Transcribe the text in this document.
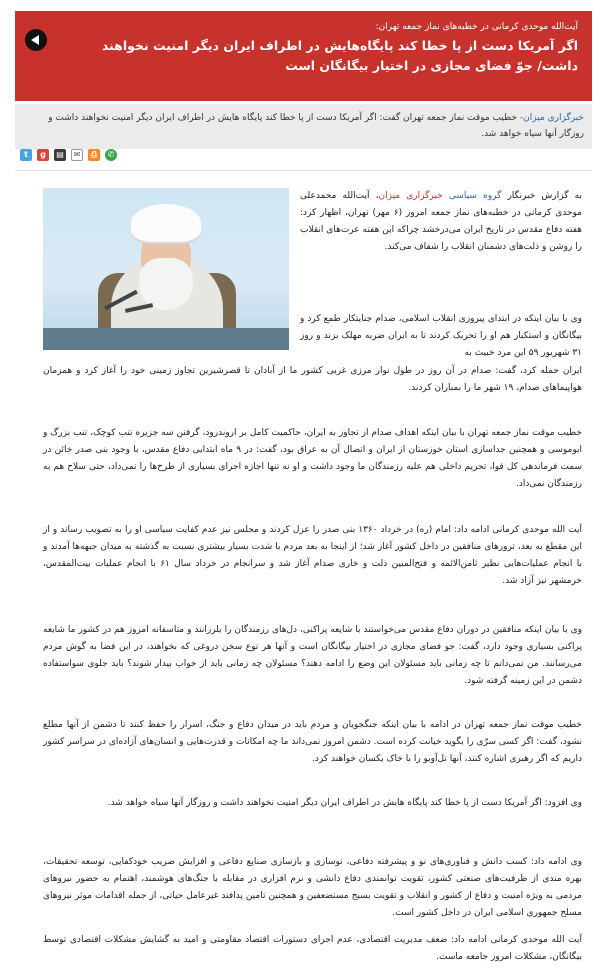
آیت‌الله موحدی کرمانی در خطبه‌های نماز جمعه تهران:
اگر آمریکا دست از پا خطا کند پایگاه‌هایش در اطراف ایران دیگر امنیت نخواهند داشت/ جوّ فضای مجازی در اختیار بیگانگان است
خبرگزاری میزان- خطیب موقت نماز جمعه تهران گفت: اگر آمریکا دست از پا خطا کند پایگاه هایش در اطراف ایران دیگر امنیت نخواهند داشت و روزگار آنها سیاه خواهد شد.
t	g	▤	✉	⎙	✆

به گزارش خبرنگار گروه سیاسی خبرگزاری میزان، آیت‌الله محمدعلی موحدی کرمانی در خطبه‌های نماز جمعه امروز (۶ مهر) تهران، اظهار کرد: هفته دفاع مقدس در تاریخ ایران می‌درخشد چراکه این هفته عرت‌های انقلاب را روشن و ذلت‌های دشمنان انقلاب را شفاف می‌کند.

وی با بیان اینکه در ابتدای پیروزی انقلاب اسلامی، صدام جنایتکار طمع کرد و بیگانگان و استکبار هم او را تحریک کردند تا به ایران ضربه مهلک بزند و روز ۳۱ شهریور ۵۹ این مرد خبیث به

ایران حمله کرد، گفت: صدام در آن روز در طول نوار مرزی غربی کشور ما از آبادان تا قصرشیرین تجاوز زمینی خود را آغاز کرد و همزمان هواپیماهای صدام، ۱۹ شهر ما را بمباران کردند.

خطیب موقت نماز جمعه تهران با بیان اینکه اهداف صدام از تجاوز به ایران، حاکمیت کامل بر اروندرود، گرفتن سه جزیره تنب کوچک، تنب بزرگ و ابوموسی و همچنین جداسازی استان خوزستان از ایران و اتصال آن به عراق بود، گفت: در ۹ ماه ابتدایی دفاع مقدس، با وجود بنی صدر خائن در سمت فرماندهی کل قوا، تحریم داخلی هم علیه رزمندگان ما وجود داشت و او نه تنها اجازه اجرای بسیاری از طرح‌ها را نمی‌داد، حتی سلاح هم به رزمندگان نمی‌داد.

آیت الله موحدی کرمانی ادامه داد: امام (ره) در خرداد ۱۳۶۰ بنی صدر را عزل کردند و مجلس نیز عدم کفایت سیاسی او را به تصویب رساند و از این مقطع به بعد، ترورهای منافقین در داخل کشور آغاز شد؛ از اینجا به بعد مردم با شدت بسیار بیشتری نسبت به گذشته به میدان جبهه‌ها آمدند و با انجام عملیات‌هایی نظیر ثامن‌الائمه و فتح‌المبین ذلت و خاری صدام آغاز شد و سرانجام در خرداد سال ۶۱ با انجام عملیات بیت‌المقدس، خرمشهر نیز آزاد شد.

وی با بیان اینکه منافقین در دوران دفاع مقدس می‌خواستند با شایعه پراکنی، دل‌های رزمندگان را بلرزانند و متاسفانه امروز هم در کشور ما شایعه پراکنی بسیاری وجود دارد، گفت: جو فضای مجازی در اختیار بیگانگان است و آنها هر نوع سخن دروغی که بخواهند، در این فضا به گوش مردم می‌رسانند. من نمی‌دانم تا چه زمانی باید مسئولان این وضع را ادامه دهند؟ مسئولان چه زمانی باید از خواب بیدار شوند؟ باید جلوی سواستفاده دشمن در این زمینه گرفته شود.

خطیب موقت نماز جمعه تهران در ادامه با بیان اینکه جنگجویان و مردم باید در میدان دفاع و جنگ، اسرار را حفظ کنند تا دشمن از آنها مطلع نشود، گفت: اگر کسی سرّی را بگوید خیانت کرده است. دشمن امروز نمی‌داند ما چه امکانات و قدرت‌هایی و انسان‌های آزاده‌ای در سراسر کشور داریم که اگر رهبری اشاره کنند، آنها تل‌آویو را با خاک یکسان خواهند کرد.

وی افزود: اگر آمریکا دست از پا خطا کند پایگاه هایش در اطراف ایران دیگر امنیت نخواهند داشت و روزگار آنها سیاه خواهد شد.

وی ادامه داد: کسب دانش و فناوری‌های نو و پیشرفته دفاعی، نوسازی و بازسازی صنایع دفاعی و افزایش ضریب خودکفایی، توسعه تحقیقات، بهره مندی از ظرفیت‌های صنعتی کشور، تقویت توانمندی دفاع دانشی و نرم افزاری در مقابله با جنگ‌های هوشمند، اهتمام به حضور نیروهای مردمی به ویژه امنیت و دفاع از کشور و انقلاب و تقویت بسیج مستضعفین و همچنین تامین پدافند غیرعامل حیاتی، از جمله اقدامات موثر نیروهای مسلح جمهوری اسلامی ایران در داخل کشور است.

آیت الله موحدی کرمانی ادامه داد: ضعف مدیریت اقتصادی، عدم اجرای دستورات اقتصاد مقاومتی و امید به گشایش مشکلات اقتصادی توسط بیگانگان، مشکلات امروز جامعه ماست.
